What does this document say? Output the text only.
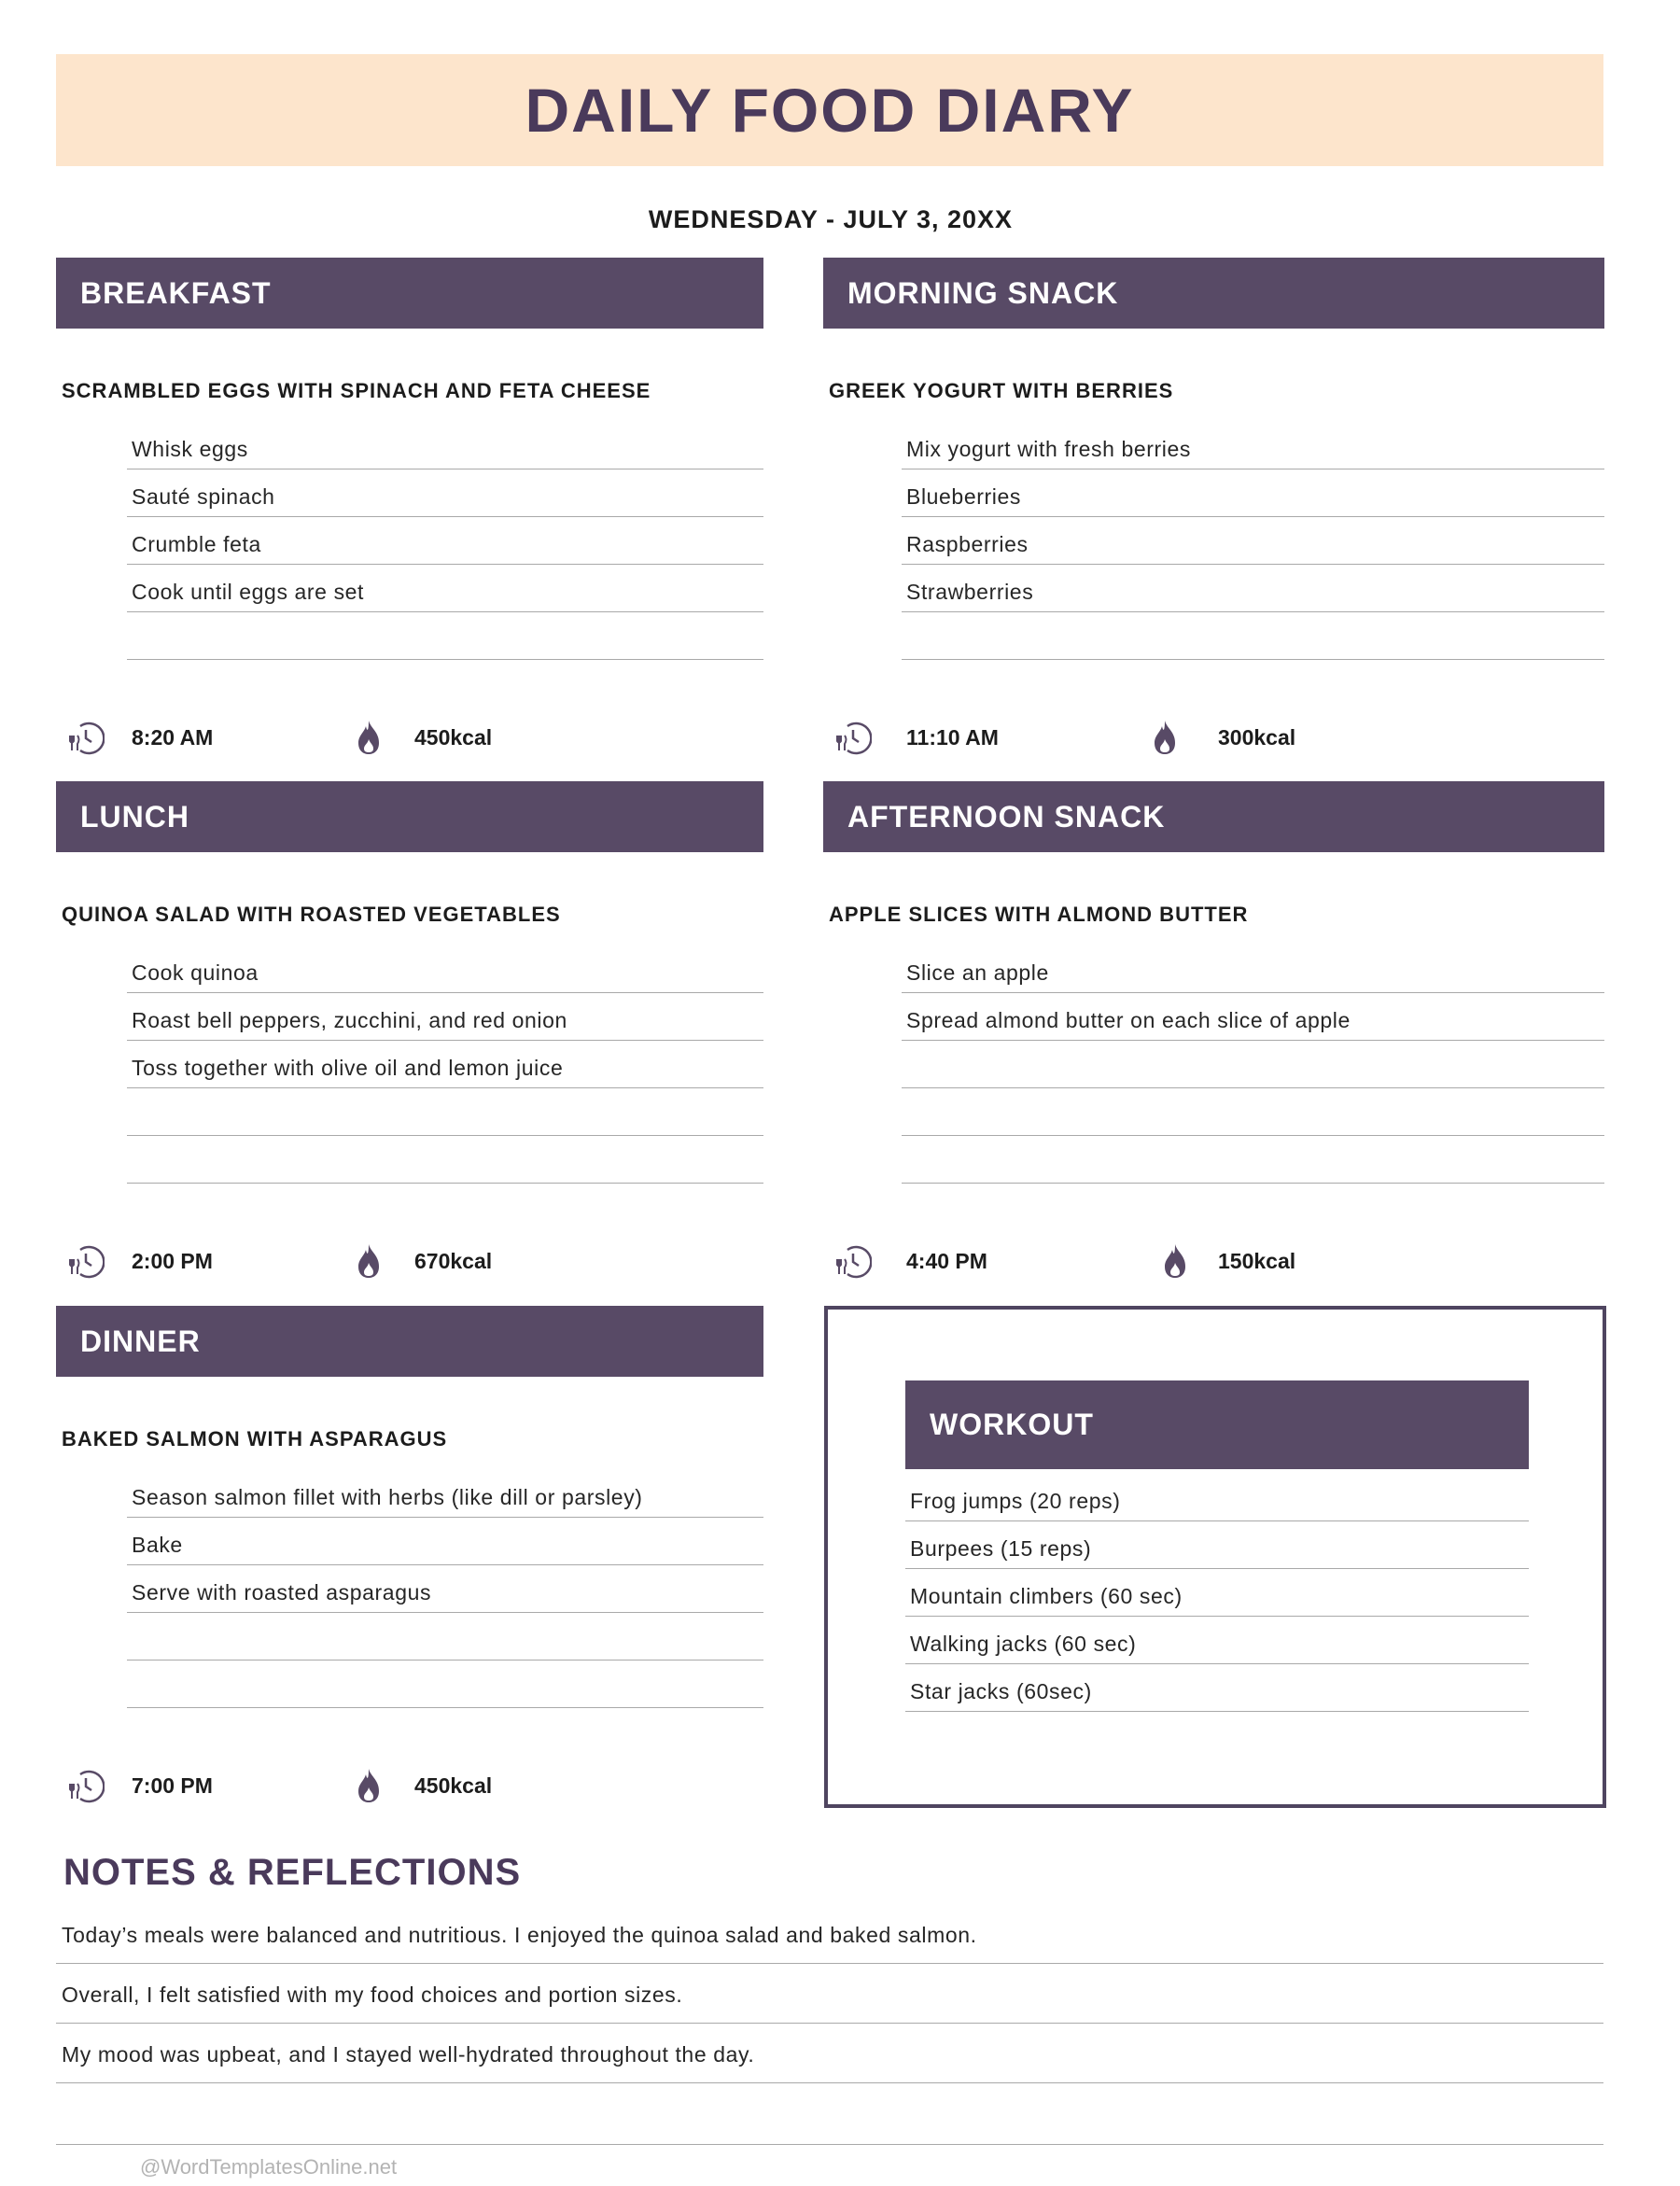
DAILY FOOD DIARY
WEDNESDAY - JULY 3, 20XX
BREAKFAST
SCRAMBLED EGGS WITH SPINACH AND FETA CHEESE
Whisk eggs
Sauté spinach
Crumble feta
Cook until eggs are set
8:20 AM	450kcal
MORNING SNACK
GREEK YOGURT WITH BERRIES
Mix yogurt with fresh berries
Blueberries
Raspberries
Strawberries
11:10 AM	300kcal
LUNCH
QUINOA SALAD WITH ROASTED VEGETABLES
Cook quinoa
Roast bell peppers, zucchini, and red onion
Toss together with olive oil and lemon juice
2:00 PM	670kcal
AFTERNOON SNACK
APPLE SLICES WITH ALMOND BUTTER
Slice an apple
Spread almond butter on each slice of apple
4:40 PM	150kcal
DINNER
BAKED SALMON WITH ASPARAGUS
Season salmon fillet with herbs (like dill or parsley)
Bake
Serve with roasted asparagus
7:00 PM	450kcal
WORKOUT
Frog jumps (20 reps)
Burpees (15 reps)
Mountain climbers (60 sec)
Walking jacks (60 sec)
Star jacks (60sec)
NOTES & REFLECTIONS
Today’s meals were balanced and nutritious. I enjoyed the quinoa salad and baked salmon.
Overall, I felt satisfied with my food choices and portion sizes.
My mood was upbeat, and I stayed well-hydrated throughout the day.
@WordTemplatesOnline.net
